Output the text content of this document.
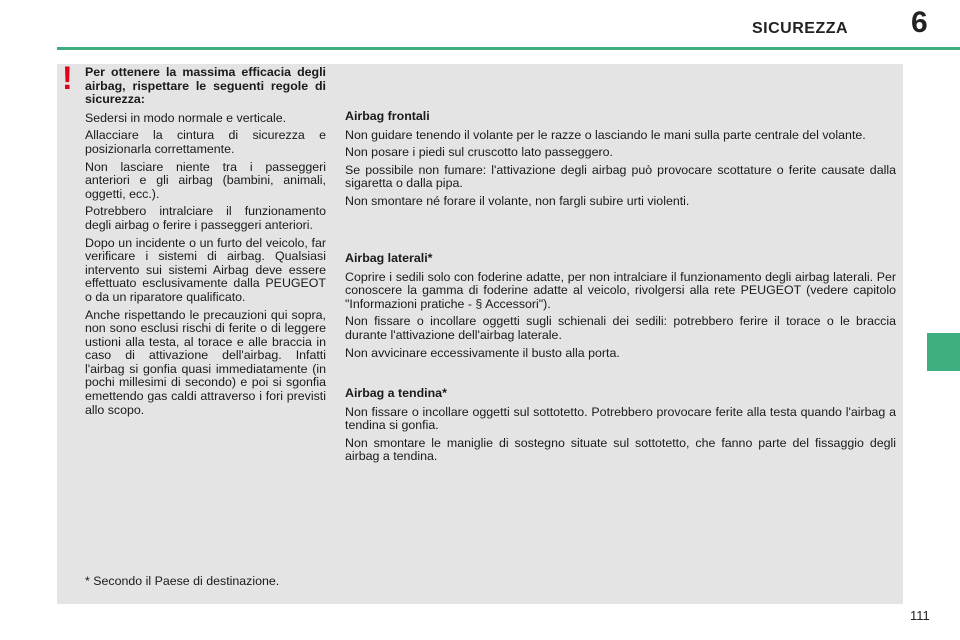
SICUREZZA 6
! Per ottenere la massima efficacia degli airbag, rispettare le seguenti regole di sicurezza:

Sedersi in modo normale e verticale.

Allacciare la cintura di sicurezza e posizionarla correttamente.

Non lasciare niente tra i passeggeri anteriori e gli airbag (bambini, animali, oggetti, ecc.).

Potrebbero intralciare il funzionamento degli airbag o ferire i passeggeri anteriori.

Dopo un incidente o un furto del veicolo, far verificare i sistemi di airbag. Qualsiasi intervento sui sistemi Airbag deve essere effettuato esclusivamente dalla PEUGEOT o da un riparatore qualificato.

Anche rispettando le precauzioni qui sopra, non sono esclusi rischi di ferite o di leggere ustioni alla testa, al torace e alle braccia in caso di attivazione dell'airbag. Infatti l'airbag si gonfia quasi immediatamente (in pochi millesimi di secondo) e poi si sgonfia emettendo gas caldi attraverso i fori previsti allo scopo.

Airbag frontali

Non guidare tenendo il volante per le razze o lasciando le mani sulla parte centrale del volante.

Non posare i piedi sul cruscotto lato passeggero.

Se possibile non fumare: l'attivazione degli airbag può provocare scottature o ferite causate dalla sigaretta o dalla pipa.

Non smontare né forare il volante, non fargli subire urti violenti.

Airbag laterali*

Coprire i sedili solo con foderine adatte, per non intralciare il funzionamento degli airbag laterali. Per conoscere la gamma di foderine adatte al veicolo, rivolgersi alla rete PEUGEOT (vedere capitolo "Informazioni pratiche - § Accessori").

Non fissare o incollare oggetti sugli schienali dei sedili: potrebbero ferire il torace o le braccia durante l'attivazione dell'airbag laterale.

Non avvicinare eccessivamente il busto alla porta.

Airbag a tendina*

Non fissare o incollare oggetti sul sottotetto. Potrebbero provocare ferite alla testa quando l'airbag a tendina si gonfia.

Non smontare le maniglie di sostegno situate sul sottotetto, che fanno parte del fissaggio degli airbag a tendina.

* Secondo il Paese di destinazione.
111
